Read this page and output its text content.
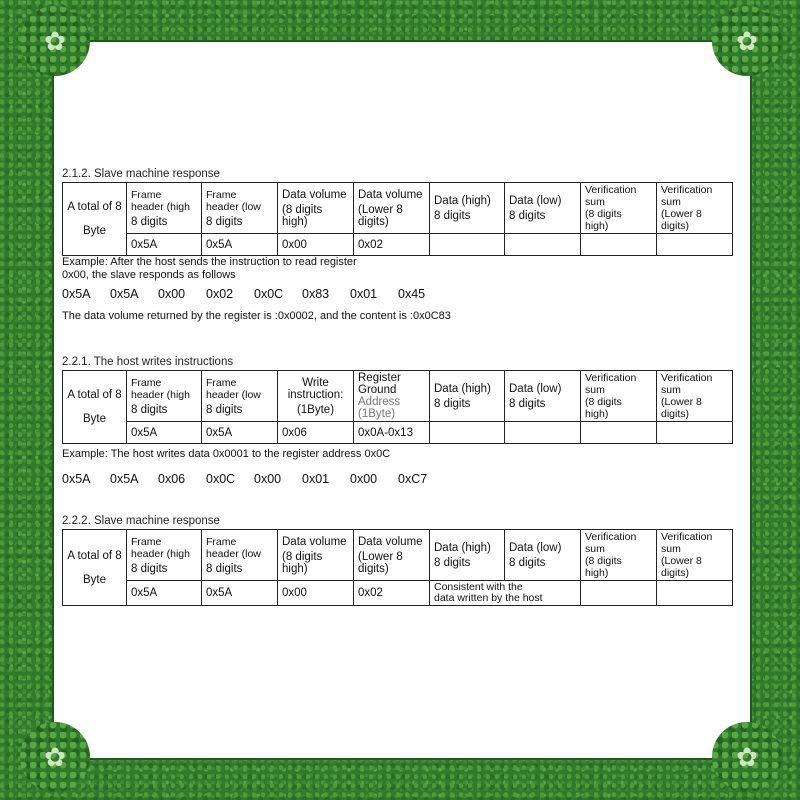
✿	✿
✿	✿

2.1.2. Slave machine response

A total of 8

Byte	Frame
header (high
8 digits	Frame
header (low
8 digits	Data volume
(8 digits
high)	Data volume
(Lower 8
digits)	Data (high)
8 digits	Data (low)
8 digits	Verification
sum
(8 digits
high)	Verification
sum
(Lower 8
digits)

	0x5A	0x5A	0x00	0x02				

Example: After the host sends the instruction to read register

0x00, the slave responds as follows

0x5A	0x5A	0x00	0x02	0x0C	0x83	0x01	0x45

The data volume returned by the register is :0x0002, and the content is :0x0C83

2.2.1. The host writes instructions

A total of 8

Byte	Frame
header (high
8 digits	Frame
header (low
8 digits	Write
instruction:
(1Byte)	Register
Ground
Address
(1Byte)	Data (high)
8 digits	Data (low)
8 digits	Verification
sum
(8 digits
high)	Verification
sum
(Lower 8
digits)

	0x5A	0x5A	0x06	0x0A-0x13				

Example: The host writes data 0x0001 to the register address 0x0C

0x5A	0x5A	0x06	0x0C	0x00	0x01	0x00	0xC7

2.2.2. Slave machine response

A total of 8

Byte	Frame
header (high
8 digits	Frame
header (low
8 digits	Data volume
(8 digits
high)	Data volume
(Lower 8
digits)	Data (high)
8 digits	Data (low)
8 digits	Verification
sum
(8 digits
high)	Verification
sum
(Lower 8
digits)

	0x5A	0x5A	0x00	0x02	Consistent with the
data written by the host			
